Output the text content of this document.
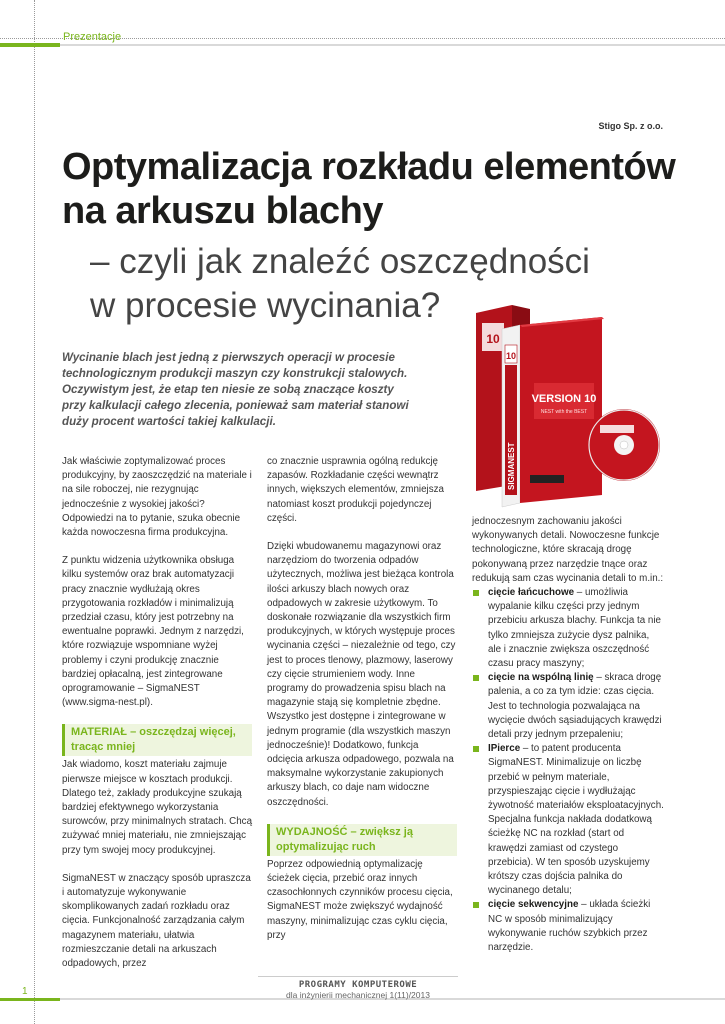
Prezentacje
Stigo Sp. z o.o.
Optymalizacja rozkładu elementów na arkuszu blachy
– czyli jak znaleźć oszczędności w procesie wycinania?
Wycinanie blach jest jedną z pierwszych operacji w procesie technologicznym produkcji maszyn czy konstrukcji stalowych. Oczywistym jest, że etap ten niesie ze sobą znaczące koszty przy kalkulacji całego zlecenia, ponieważ sam materiał stanowi duży procent wartości takiej kalkulacji.
10
10
SIGMANEST
VERSION 10
NEST with the BEST

Jak właściwie zoptymalizować proces produkcyjny, by zaoszczędzić na materiale i na sile roboczej, nie rezygnując jednocześnie z wysokiej jakości? Odpowiedzi na to pytanie, szuka obecnie każda nowoczesna firma produkcyjna.

Z punktu widzenia użytkownika obsługa kilku systemów oraz brak automatyzacji pracy znacznie wydłużają okres przygotowania rozkładów i minimalizują przedział czasu, który jest potrzebny na ewentualne poprawki. Jednym z narzędzi, które rozwiązuje wspomniane wyżej problemy i czyni produkcję znacznie bardziej opłacalną, jest zintegrowane oprogramowanie – SigmaNEST (www.sigma-nest.pl).

MATERIAŁ – oszczędzaj więcej, tracąc mniej

Jak wiadomo, koszt materiału zajmuje pierwsze miejsce w kosztach produkcji. Dlatego też, zakłady produkcyjne szukają bardziej efektywnego wykorzystania surowców, przy minimalnych stratach. Chcą zużywać mniej materiału, nie zmniejszając przy tym swojej mocy produkcyjnej.

SigmaNEST w znaczący sposób upraszcza i automatyzuje wykonywanie skomplikowanych zadań rozkładu oraz cięcia. Funkcjonalność zarządzania całym magazynem materiału, ułatwia rozmieszczanie detali na arkuszach odpadowych, przez

co znacznie usprawnia ogólną redukcję zapasów. Rozkładanie części wewnątrz innych, większych elementów, zmniejsza natomiast koszt produkcji pojedynczej części.

Dzięki wbudowanemu magazynowi oraz narzędziom do tworzenia odpadów użytecznych, możliwa jest bieżąca kontrola ilości arkuszy blach nowych oraz odpadowych w zakresie użytkowym. To doskonałe rozwiązanie dla wszystkich firm produkcyjnych, w których występuje proces wycinania części – niezależnie od tego, czy jest to proces tlenowy, plazmowy, laserowy czy cięcie strumieniem wody. Inne programy do prowadzenia spisu blach na magazynie stają się kompletnie zbędne. Wszystko jest dostępne i zintegrowane w jednym programie (dla wszystkich maszyn jednocześnie)! Dodatkowo, funkcja odcięcia arkusza odpadowego, pozwala na maksymalne wykorzystanie zakupionych arkuszy blach, co daje nam widoczne oszczędności.

WYDAJNOŚĆ – zwiększ ją optymalizując ruch

Poprzez odpowiednią optymalizację ścieżek cięcia, przebić oraz innych czasochłonnych czynników procesu cięcia, SigmaNEST może zwiększyć wydajność maszyny, minimalizując czas cyklu cięcia, przy

jednoczesnym zachowaniu jakości wykonywanych detali. Nowoczesne funkcje technologiczne, które skracają drogę pokonywaną przez narzędzie tnące oraz redukują sam czas wycinania detali to m.in.:

cięcie łańcuchowe – umożliwia wypalanie kilku części przy jednym przebiciu arkusza blachy. Funkcja ta nie tylko zmniejsza zużycie dysz palnika, ale i znacznie zwiększa oszczędność czasu pracy maszyny;
cięcie na wspólną linię – skraca drogę palenia, a co za tym idzie: czas cięcia. Jest to technologia pozwalająca na wycięcie dwóch sąsiadujących krawędzi detali przy jednym przepaleniu;
IPierce – to patent producenta SigmaNEST. Minimalizuje on liczbę przebić w pełnym materiale, przyspieszając cięcie i wydłużając żywotność materiałów eksploatacyjnych. Specjalna funkcja nakłada dodatkową ścieżkę NC na rozkład (start od krawędzi zamiast od czystego przebicia). W ten sposób uzyskujemy krótszy czas dojścia palnika do wycinanego detalu;
cięcie sekwencyjne – układa ścieżki NC w sposób minimalizujący wykonywanie ruchów szybkich przez narzędzie.
1
PROGRAMY KOMPUTEROWE
dla inżynierii mechanicznej 1(11)/2013
